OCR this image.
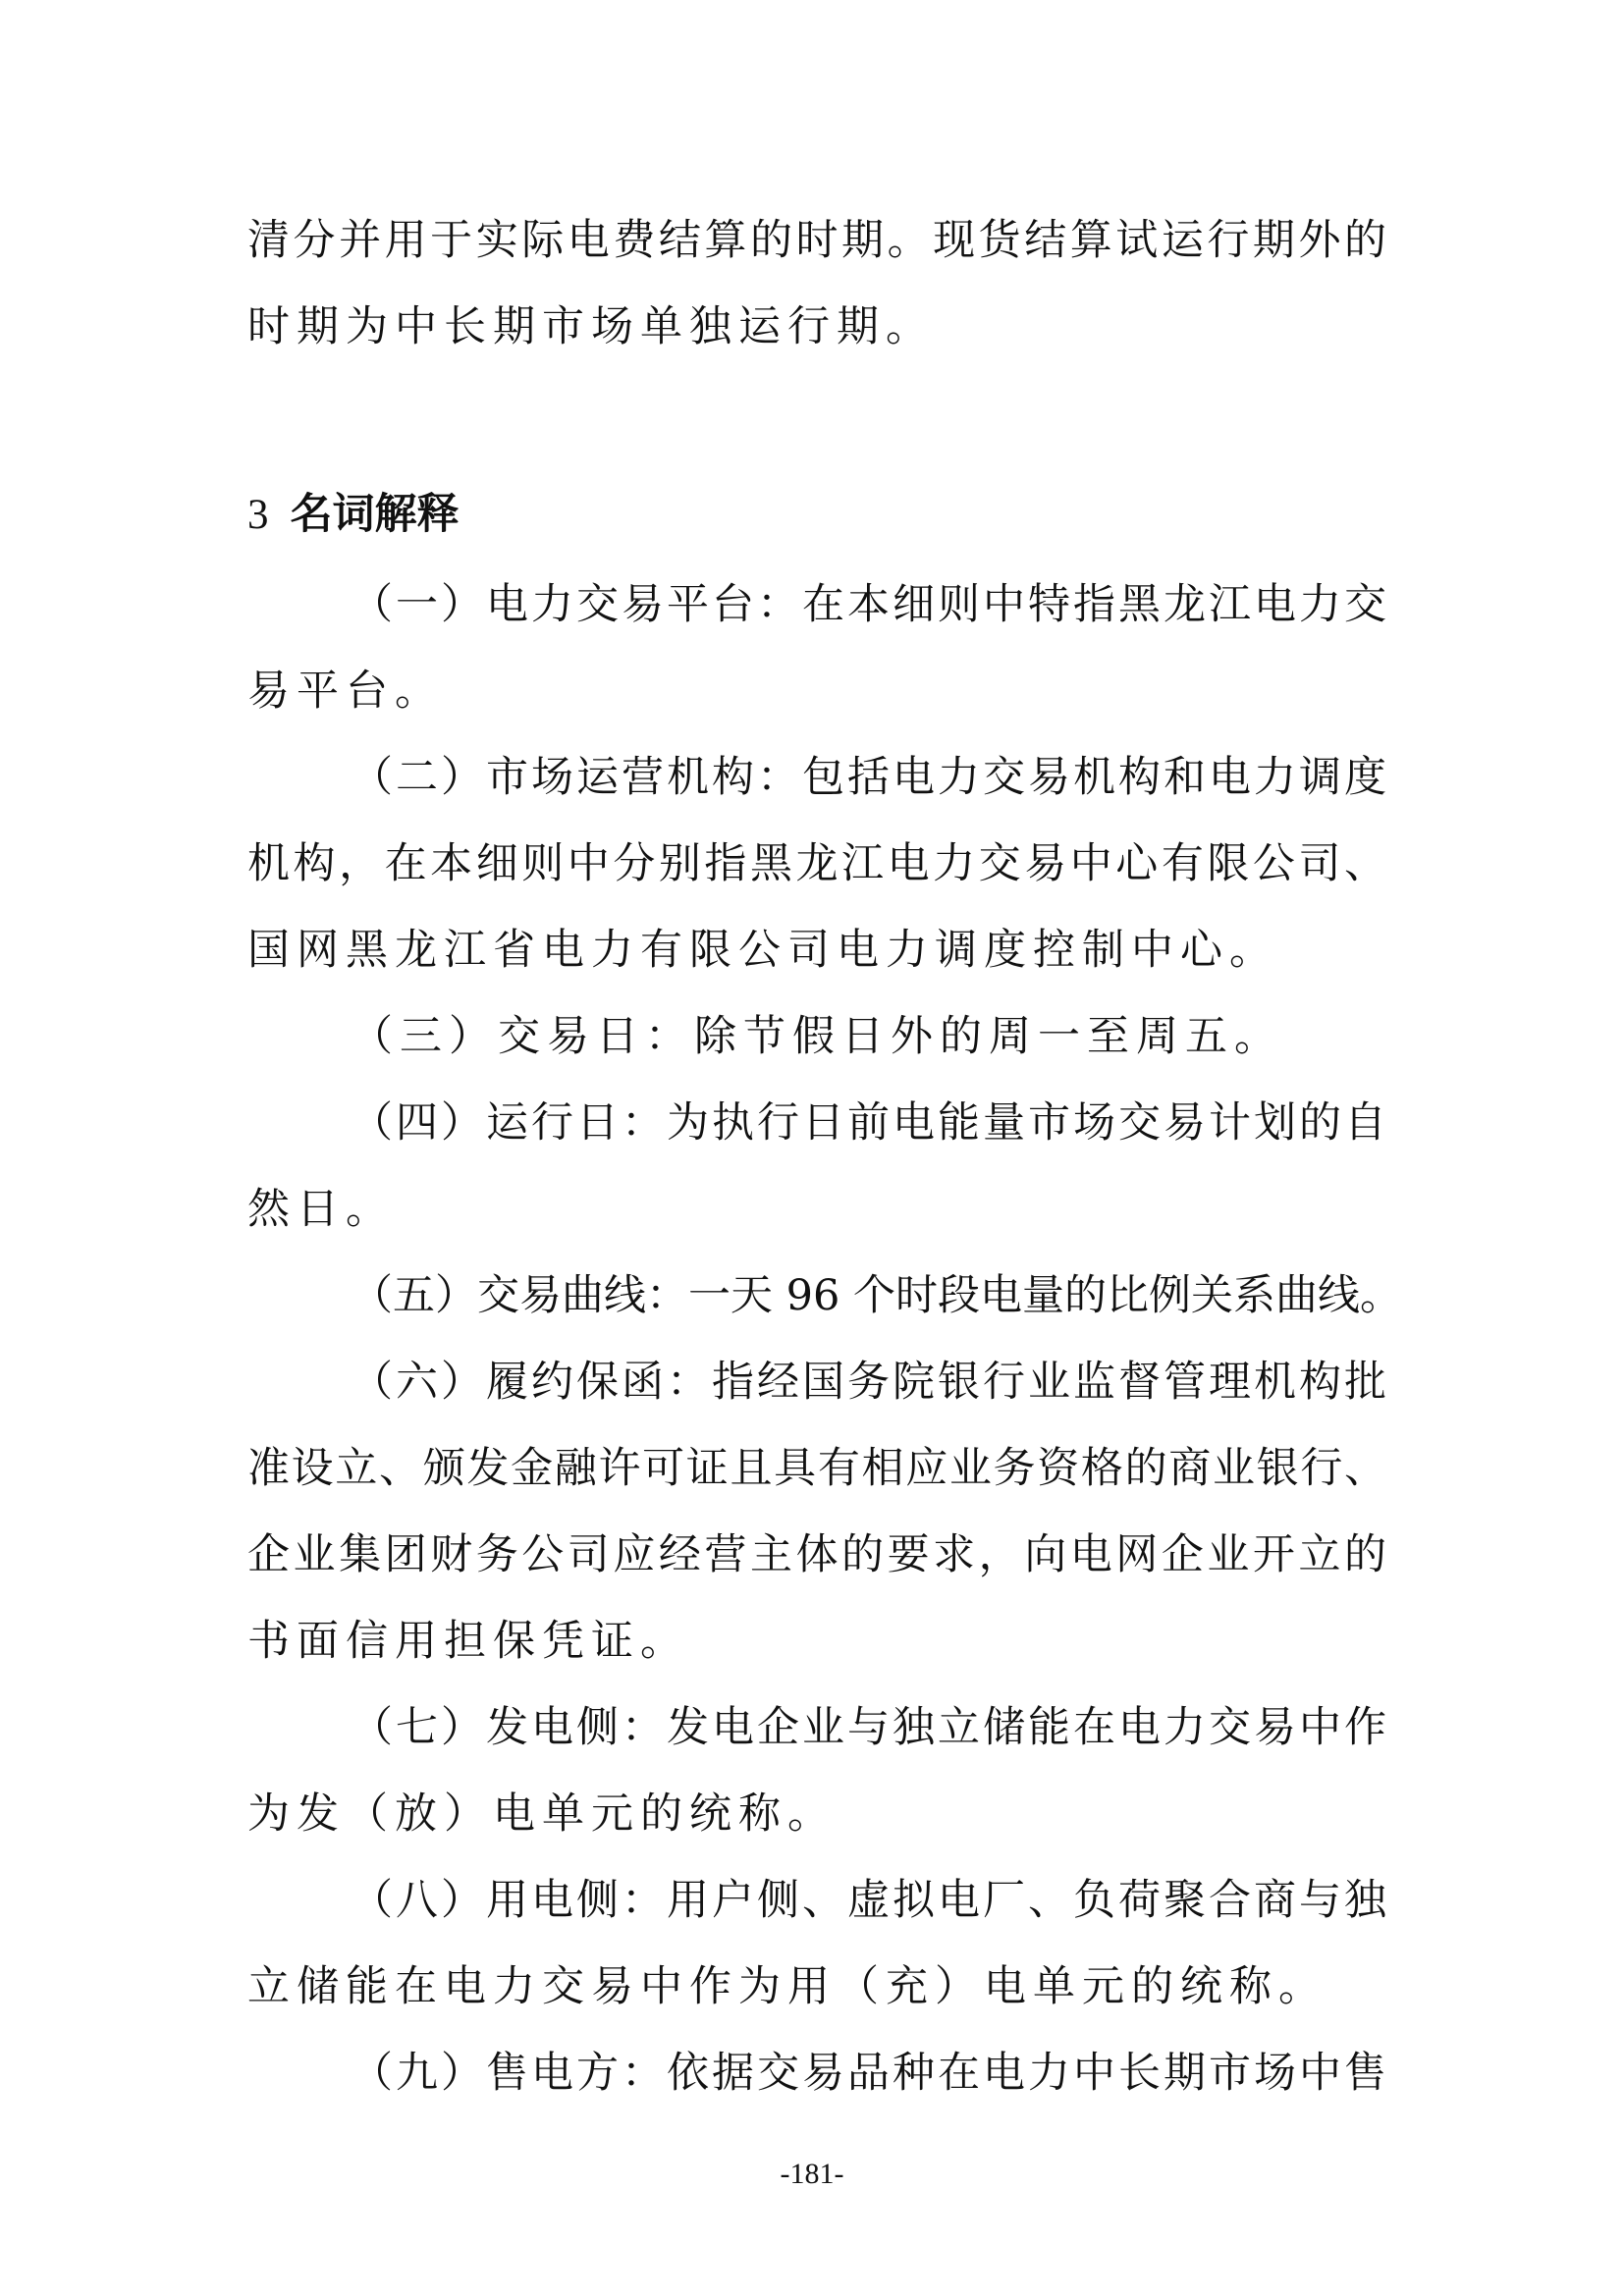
清分并用于实际电费结算的时期。现货结算试运行期外的
时期为中长期市场单独运行期。
3 名词解释
（一）电力交易平台：在本细则中特指黑龙江电力交
易平台。
（二）市场运营机构：包括电力交易机构和电力调度
机构，在本细则中分别指黑龙江电力交易中心有限公司、
国网黑龙江省电力有限公司电力调度控制中心。
（三）交易日：除节假日外的周一至周五。
（四）运行日：为执行日前电能量市场交易计划的自
然日。
（五）交易曲线：一天 96 个时段电量的比例关系曲线。
（六）履约保函：指经国务院银行业监督管理机构批
准设立、颁发金融许可证且具有相应业务资格的商业银行、
企业集团财务公司应经营主体的要求，向电网企业开立的
书面信用担保凭证。
（七）发电侧：发电企业与独立储能在电力交易中作
为发（放）电单元的统称。
（八）用电侧：用户侧、虚拟电厂、负荷聚合商与独
立储能在电力交易中作为用（充）电单元的统称。
（九）售电方：依据交易品种在电力中长期市场中售
-181-
